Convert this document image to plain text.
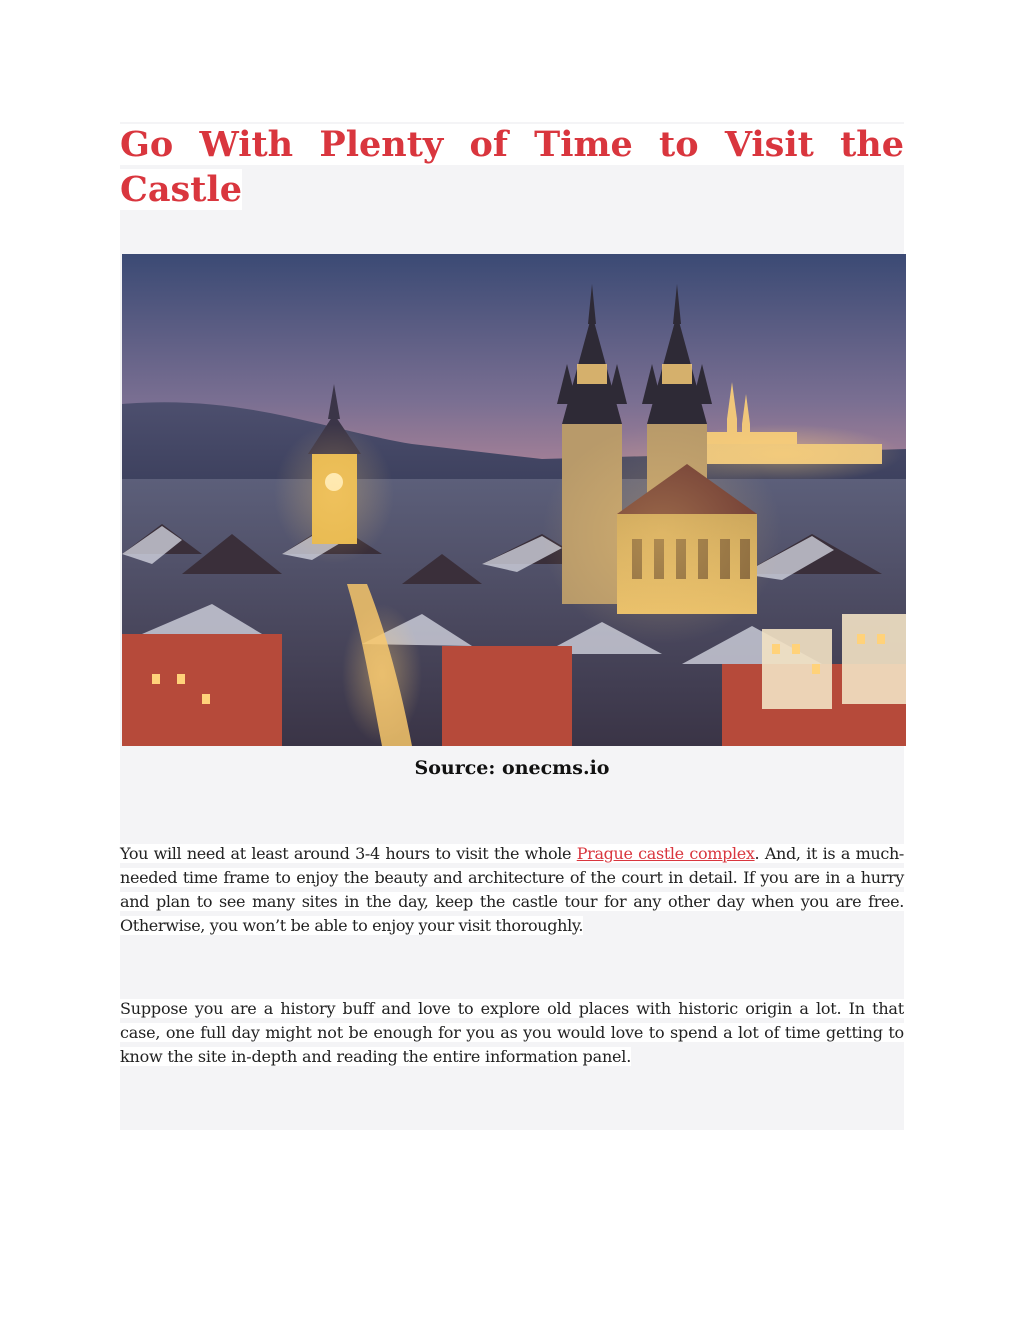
Go With Plenty of Time to Visit the Castle
Source: onecms.io

You will need at least around 3-4 hours to visit the whole Prague castle complex. And, it is a much-needed time frame to enjoy the beauty and architecture of the court in detail. If you are in a hurry and plan to see many sites in the day, keep the castle tour for any other day when you are free. Otherwise, you won’t be able to enjoy your visit thoroughly.

Suppose you are a history buff and love to explore old places with historic origin a lot. In that case, one full day might not be enough for you as you would love to spend a lot of time getting to know the site in-depth and reading the entire information panel.
